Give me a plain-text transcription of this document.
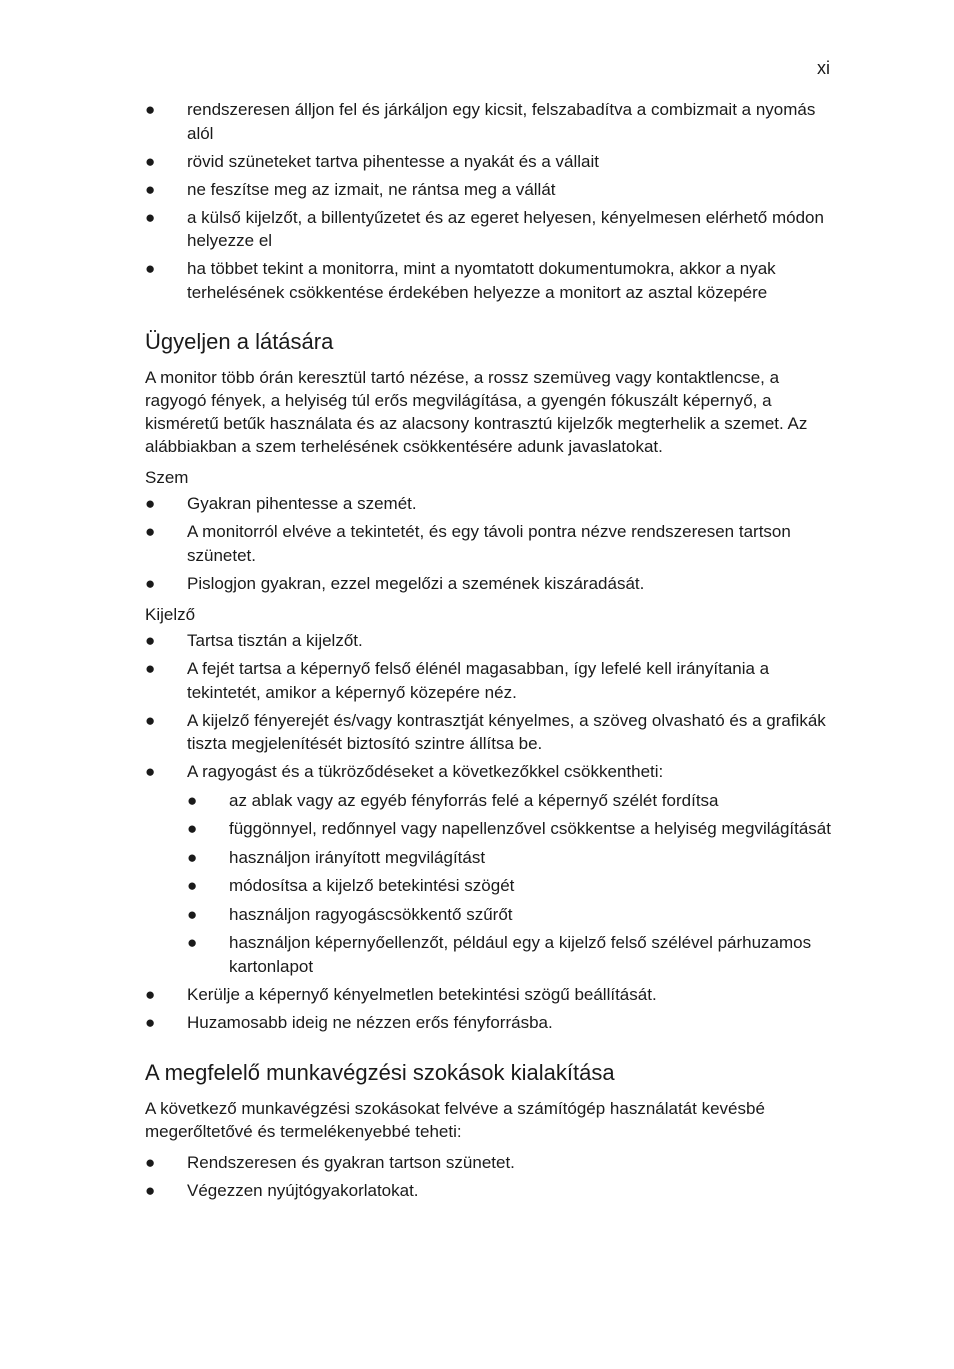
xi
● rendszeresen álljon fel és járkáljon egy kicsit, felszabadítva a combizmait a nyomás alól
● rövid szüneteket tartva pihentesse a nyakát és a vállait
● ne feszítse meg az izmait, ne rántsa meg a vállát
● a külső kijelzőt, a billentyűzetet és az egeret helyesen, kényelmesen elérhető módon helyezze el
● ha többet tekint a monitorra, mint a nyomtatott dokumentumokra, akkor a nyak terhelésének csökkentése érdekében helyezze a monitort az asztal közepére
Ügyeljen a látására

A monitor több órán keresztül tartó nézése, a rossz szemüveg vagy kontaktlencse, a ragyogó fények, a helyiség túl erős megvilágítása, a gyengén fókuszált képernyő, a kisméretű betűk használata és az alacsony kontrasztú kijelzők megterhelik a szemet. Az alábbiakban a szem terhelésének csökkentésére adunk javaslatokat.

Szem

● Gyakran pihentesse a szemét.
● A monitorról elvéve a tekintetét, és egy távoli pontra nézve rendszeresen tartson szünetet.
● Pislogjon gyakran, ezzel megelőzi a szemének kiszáradását.

Kijelző

● Tartsa tisztán a kijelzőt.
● A fejét tartsa a képernyő felső élénél magasabban, így lefelé kell irányítania a tekintetét, amikor a képernyő közepére néz.
● A kijelző fényerejét és/vagy kontrasztját kényelmes, a szöveg olvasható és a grafikák tiszta megjelenítését biztosító szintre állítsa be.
● A ragyogást és a tükröződéseket a következőkkel csökkentheti:
● az ablak vagy az egyéb fényforrás felé a képernyő szélét fordítsa
● függönnyel, redőnnyel vagy napellenzővel csökkentse a helyiség megvilágítását
● használjon irányított megvilágítást
● módosítsa a kijelző betekintési szögét
● használjon ragyogáscsökkentő szűrőt
● használjon képernyőellenzőt, például egy a kijelző felső szélével párhuzamos kartonlapot
● Kerülje a képernyő kényelmetlen betekintési szögű beállítását.
● Huzamosabb ideig ne nézzen erős fényforrásba.
A megfelelő munkavégzési szokások kialakítása

A következő munkavégzési szokásokat felvéve a számítógép használatát kevésbé megerőltetővé és termelékenyebbé teheti:

● Rendszeresen és gyakran tartson szünetet.
● Végezzen nyújtógyakorlatokat.
